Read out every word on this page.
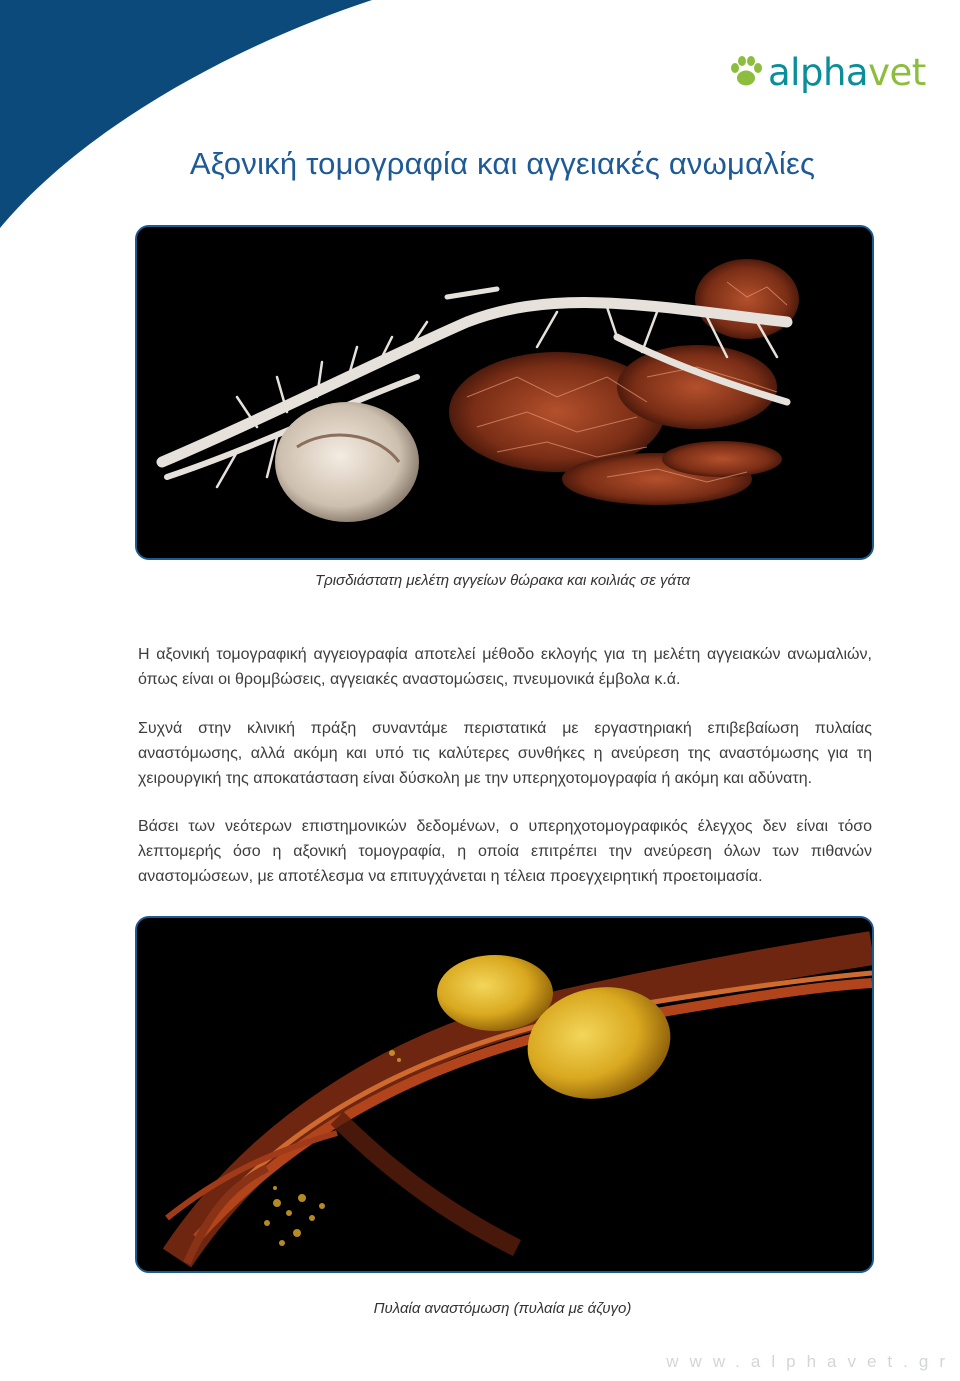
alphavet
Αξονική τομογραφία και αγγειακές ανωμαλίες
Τρισδιάστατη μελέτη αγγείων θώρακα και κοιλιάς σε γάτα

Η αξονική τομογραφική αγγειογραφία αποτελεί μέθοδο εκλογής για τη μελέτη αγγειακών ανωμαλιών, όπως είναι οι θρομβώσεις, αγγειακές αναστομώσεις, πνευμονικά έμβολα κ.ά.

Συχνά στην κλινική πράξη συναντάμε περιστατικά με εργαστηριακή επιβεβαίωση πυλαίας αναστόμωσης, αλλά ακόμη και υπό τις καλύτερες συνθήκες η ανεύρεση της αναστόμωσης για τη χειρουργική της αποκατάσταση είναι δύσκολη με την υπερηχοτομογραφία ή ακόμη και αδύνατη.

Βάσει των νεότερων επιστημονικών δεδομένων, ο υπερηχοτομογραφικός έλεγχος δεν είναι τόσο λεπτομερής όσο η αξονική τομογραφία, η οποία επιτρέπει την ανεύρεση όλων των πιθανών αναστομώσεων, με αποτέλεσμα να επιτυγχάνεται η τέλεια προεγχειρητική προετοιμασία.

Πυλαία αναστόμωση (πυλαία με άζυγο)
www.alphavet.gr
